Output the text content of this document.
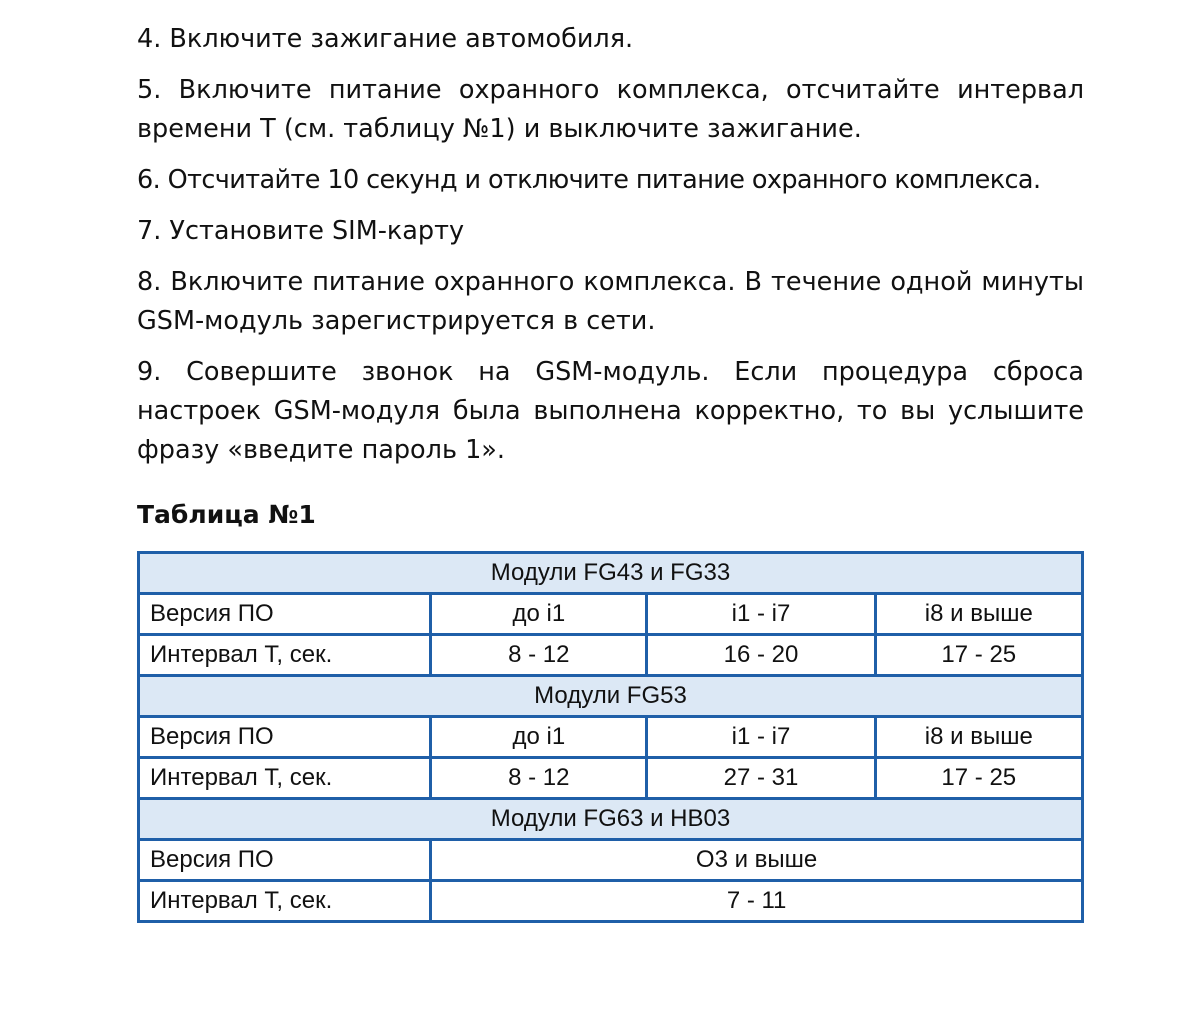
4. Включите зажигание автомобиля.

5. Включите питание охранного комплекса, отсчитайте интервал времени Т (см. таблицу №1) и выключите зажигание.

6. Отсчитайте 10 секунд и отключите питание охранного комплекса.

7. Установите SIM-карту

8. Включите питание охранного комплекса. В течение одной минуты GSM-модуль зарегистрируется в сети.

9. Совершите звонок на GSM-модуль. Если процедура сброса настроек GSM-модуля была выполнена корректно, то вы услышите фразу «введите пароль 1».

Таблица №1
Модули FG43 и FG33			
Версия ПО	до i1	i1 - i7	i8 и выше
Интервал Т, сек.	8 - 12	16 - 20	17 - 25
Модули FG53			
Версия ПО	до i1	i1 - i7	i8 и выше
Интервал Т, сек.	8 - 12	27 - 31	17 - 25
Модули FG63 и HB03			
Версия ПО	O3 и выше		
Интервал Т, сек.	7 - 11		
